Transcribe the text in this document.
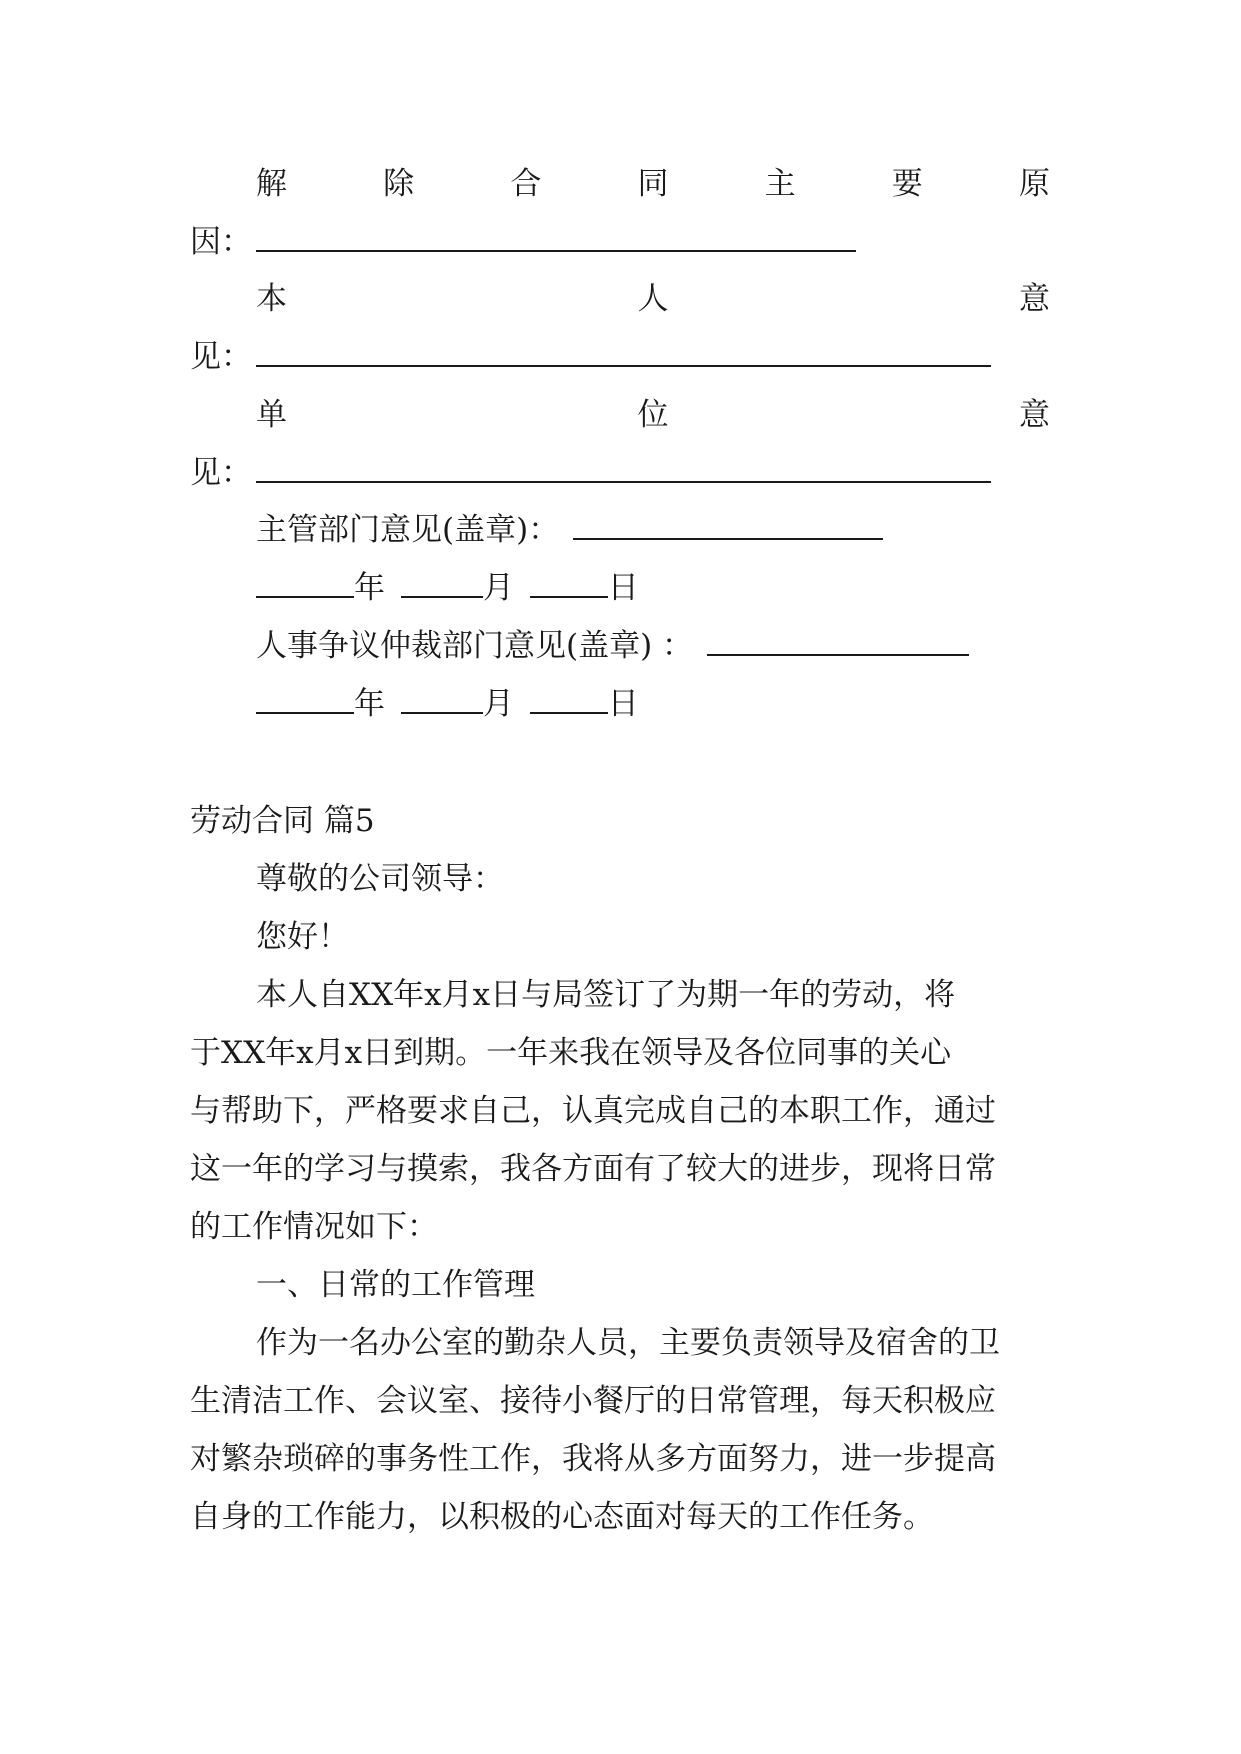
解	除	合	同	主	要	原
因：
本	人	意
见：
单	位	意
见：
主管部门意见(盖章)：
年	月	日
人事争议仲裁部门意见(盖章) ：
年	月	日
劳动合同 篇5
尊敬的公司领导：
您好！
本人自XX年x月x日与局签订了为期一年的劳动，将
于XX年x月x日到期。一年来我在领导及各位同事的关心
与帮助下，严格要求自己，认真完成自己的本职工作，通过
这一年的学习与摸索，我各方面有了较大的进步，现将日常
的工作情况如下：
一、日常的工作管理
作为一名办公室的勤杂人员，主要负责领导及宿舍的卫
生清洁工作、会议室、接待小餐厅的日常管理，每天积极应
对繁杂琐碎的事务性工作，我将从多方面努力，进一步提高
自身的工作能力，以积极的心态面对每天的工作任务。
